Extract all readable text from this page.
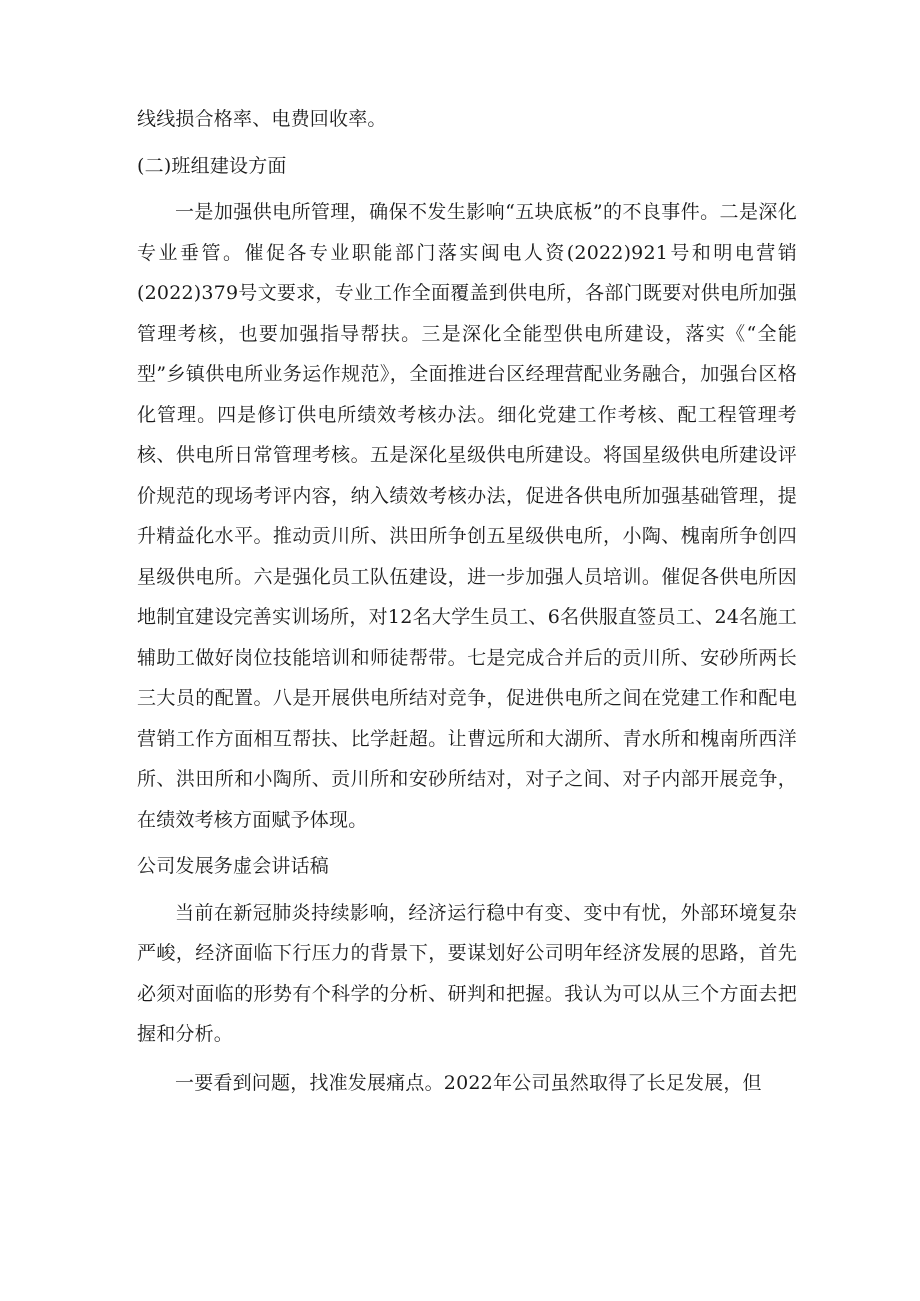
线线损合格率、电费回收率。

(二)班组建设方面

一是加强供电所管理，确保不发生影响“五块底板”的不良事件。二是深化专业垂管。催促各专业职能部门落实闽电人资(2022)921号和明电营销(2022)379号文要求，专业工作全面覆盖到供电所，各部门既要对供电所加强管理考核，也要加强指导帮扶。三是深化全能型供电所建设，落实《“全能型”乡镇供电所业务运作规范》，全面推进台区经理营配业务融合，加强台区格化管理。四是修订供电所绩效考核办法。细化党建工作考核、配工程管理考核、供电所日常管理考核。五是深化星级供电所建设。将国星级供电所建设评价规范的现场考评内容，纳入绩效考核办法，促进各供电所加强基础管理，提升精益化水平。推动贡川所、洪田所争创五星级供电所，小陶、槐南所争创四星级供电所。六是强化员工队伍建设，进一步加强人员培训。催促各供电所因地制宜建设完善实训场所，对12名大学生员工、6名供服直签员工、24名施工辅助工做好岗位技能培训和师徒帮带。七是完成合并后的贡川所、安砂所两长三大员的配置。八是开展供电所结对竞争，促进供电所之间在党建工作和配电营销工作方面相互帮扶、比学赶超。让曹远所和大湖所、青水所和槐南所西洋所、洪田所和小陶所、贡川所和安砂所结对，对子之间、对子内部开展竞争，在绩效考核方面赋予体现。

公司发展务虚会讲话稿

当前在新冠肺炎持续影响，经济运行稳中有变、变中有忧，外部环境复杂严峻，经济面临下行压力的背景下，要谋划好公司明年经济发展的思路，首先必须对面临的形势有个科学的分析、研判和把握。我认为可以从三个方面去把握和分析。

一要看到问题，找准发展痛点。2022年公司虽然取得了长足发展，但
